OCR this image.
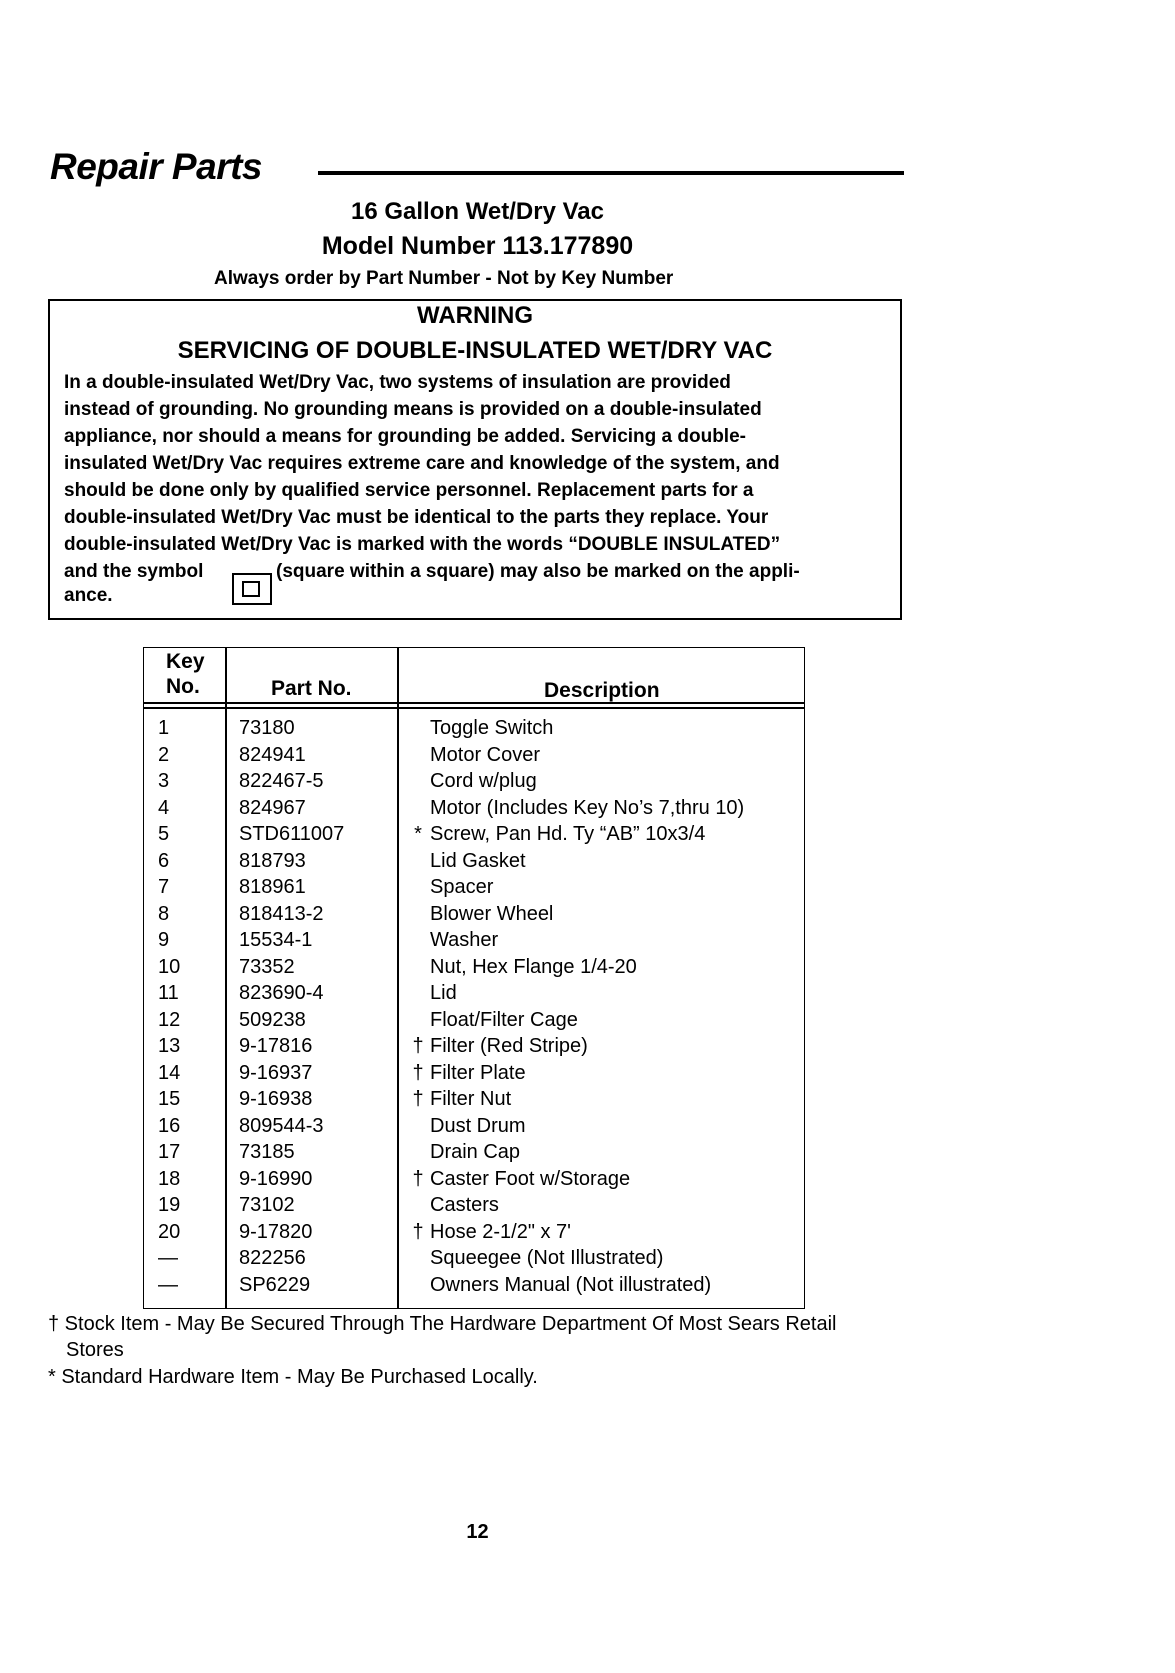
Repair Parts
16 Gallon Wet/Dry Vac
Model Number 113.177890
Always order by Part Number - Not by Key Number
WARNING
SERVICING OF DOUBLE-INSULATED WET/DRY VAC
In a double-insulated Wet/Dry Vac, two systems of insulation are provided
instead of grounding. No grounding means is provided on a double-insulated
appliance, nor should a means for grounding be added. Servicing a double-
insulated Wet/Dry Vac requires extreme care and knowledge of the system, and
should be done only by qualified service personnel. Replacement parts for a
double-insulated Wet/Dry Vac must be identical to the parts they replace. Your
double-insulated Wet/Dry Vac is marked with the words “DOUBLE INSULATED”
and the symbol	(square within a square) may also be marked on the appli-
ance.
Key
No.	Part No.	Description
1	73180	Toggle Switch
2	824941	Motor Cover
3	822467-5	Cord w/plug
4	824967	Motor (Includes Key No’s 7,thru 10)
5	STD611007	* Screw, Pan Hd. Ty “AB” 10x3/4
6	818793	Lid Gasket
7	818961	Spacer
8	818413-2	Blower Wheel
9	15534-1	Washer
10	73352	Nut, Hex Flange 1/4-20
11	823690-4	Lid
12	509238	Float/Filter Cage
13	9-17816	† Filter (Red Stripe)
14	9-16937	† Filter Plate
15	9-16938	† Filter Nut
16	809544-3	Dust Drum
17	73185	Drain Cap
18	9-16990	† Caster Foot w/Storage
19	73102	Casters
20	9-17820	† Hose 2-1/2" x 7'
—	822256	Squeegee (Not Illustrated)
—	SP6229	Owners Manual (Not illustrated)
† Stock Item - May Be Secured Through The Hardware Department Of Most Sears Retail
Stores
* Standard Hardware Item - May Be Purchased Locally.
12
